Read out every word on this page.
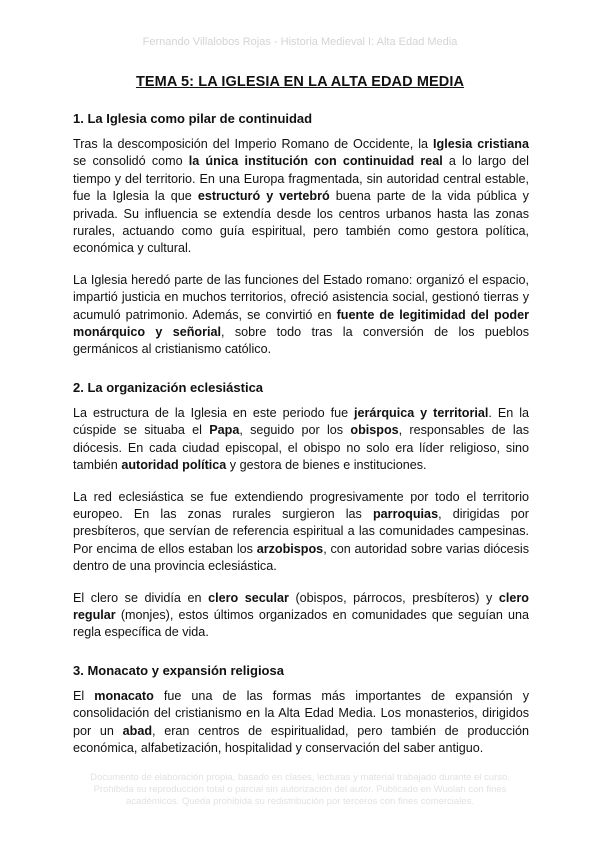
Fernando Villalobos Rojas - Historia Medieval I: Alta Edad Media
TEMA 5: LA IGLESIA EN LA ALTA EDAD MEDIA
1. La Iglesia como pilar de continuidad

Tras la descomposición del Imperio Romano de Occidente, la Iglesia cristiana se consolidó como la única institución con continuidad real a lo largo del tiempo y del territorio. En una Europa fragmentada, sin autoridad central estable, fue la Iglesia la que estructuró y vertebró buena parte de la vida pública y privada. Su influencia se extendía desde los centros urbanos hasta las zonas rurales, actuando como guía espiritual, pero también como gestora política, económica y cultural.

La Iglesia heredó parte de las funciones del Estado romano: organizó el espacio, impartió justicia en muchos territorios, ofreció asistencia social, gestionó tierras y acumuló patrimonio. Además, se convirtió en fuente de legitimidad del poder monárquico y señorial, sobre todo tras la conversión de los pueblos germánicos al cristianismo católico.

2. La organización eclesiástica

La estructura de la Iglesia en este periodo fue jerárquica y territorial. En la cúspide se situaba el Papa, seguido por los obispos, responsables de las diócesis. En cada ciudad episcopal, el obispo no solo era líder religioso, sino también autoridad política y gestora de bienes e instituciones.

La red eclesiástica se fue extendiendo progresivamente por todo el territorio europeo. En las zonas rurales surgieron las parroquias, dirigidas por presbíteros, que servían de referencia espiritual a las comunidades campesinas. Por encima de ellos estaban los arzobispos, con autoridad sobre varias diócesis dentro de una provincia eclesiástica.

El clero se dividía en clero secular (obispos, párrocos, presbíteros) y clero regular (monjes), estos últimos organizados en comunidades que seguían una regla específica de vida.

3. Monacato y expansión religiosa

El monacato fue una de las formas más importantes de expansión y consolidación del cristianismo en la Alta Edad Media. Los monasterios, dirigidos por un abad, eran centros de espiritualidad, pero también de producción económica, alfabetización, hospitalidad y conservación del saber antiguo.

Documento de elaboración propia, basado en clases, lecturas y material trabajado durante el curso. Prohibida su reproducción total o parcial sin autorización del autor. Publicado en Wuolah con fines académicos. Queda prohibida su redistribución por terceros con fines comerciales.
